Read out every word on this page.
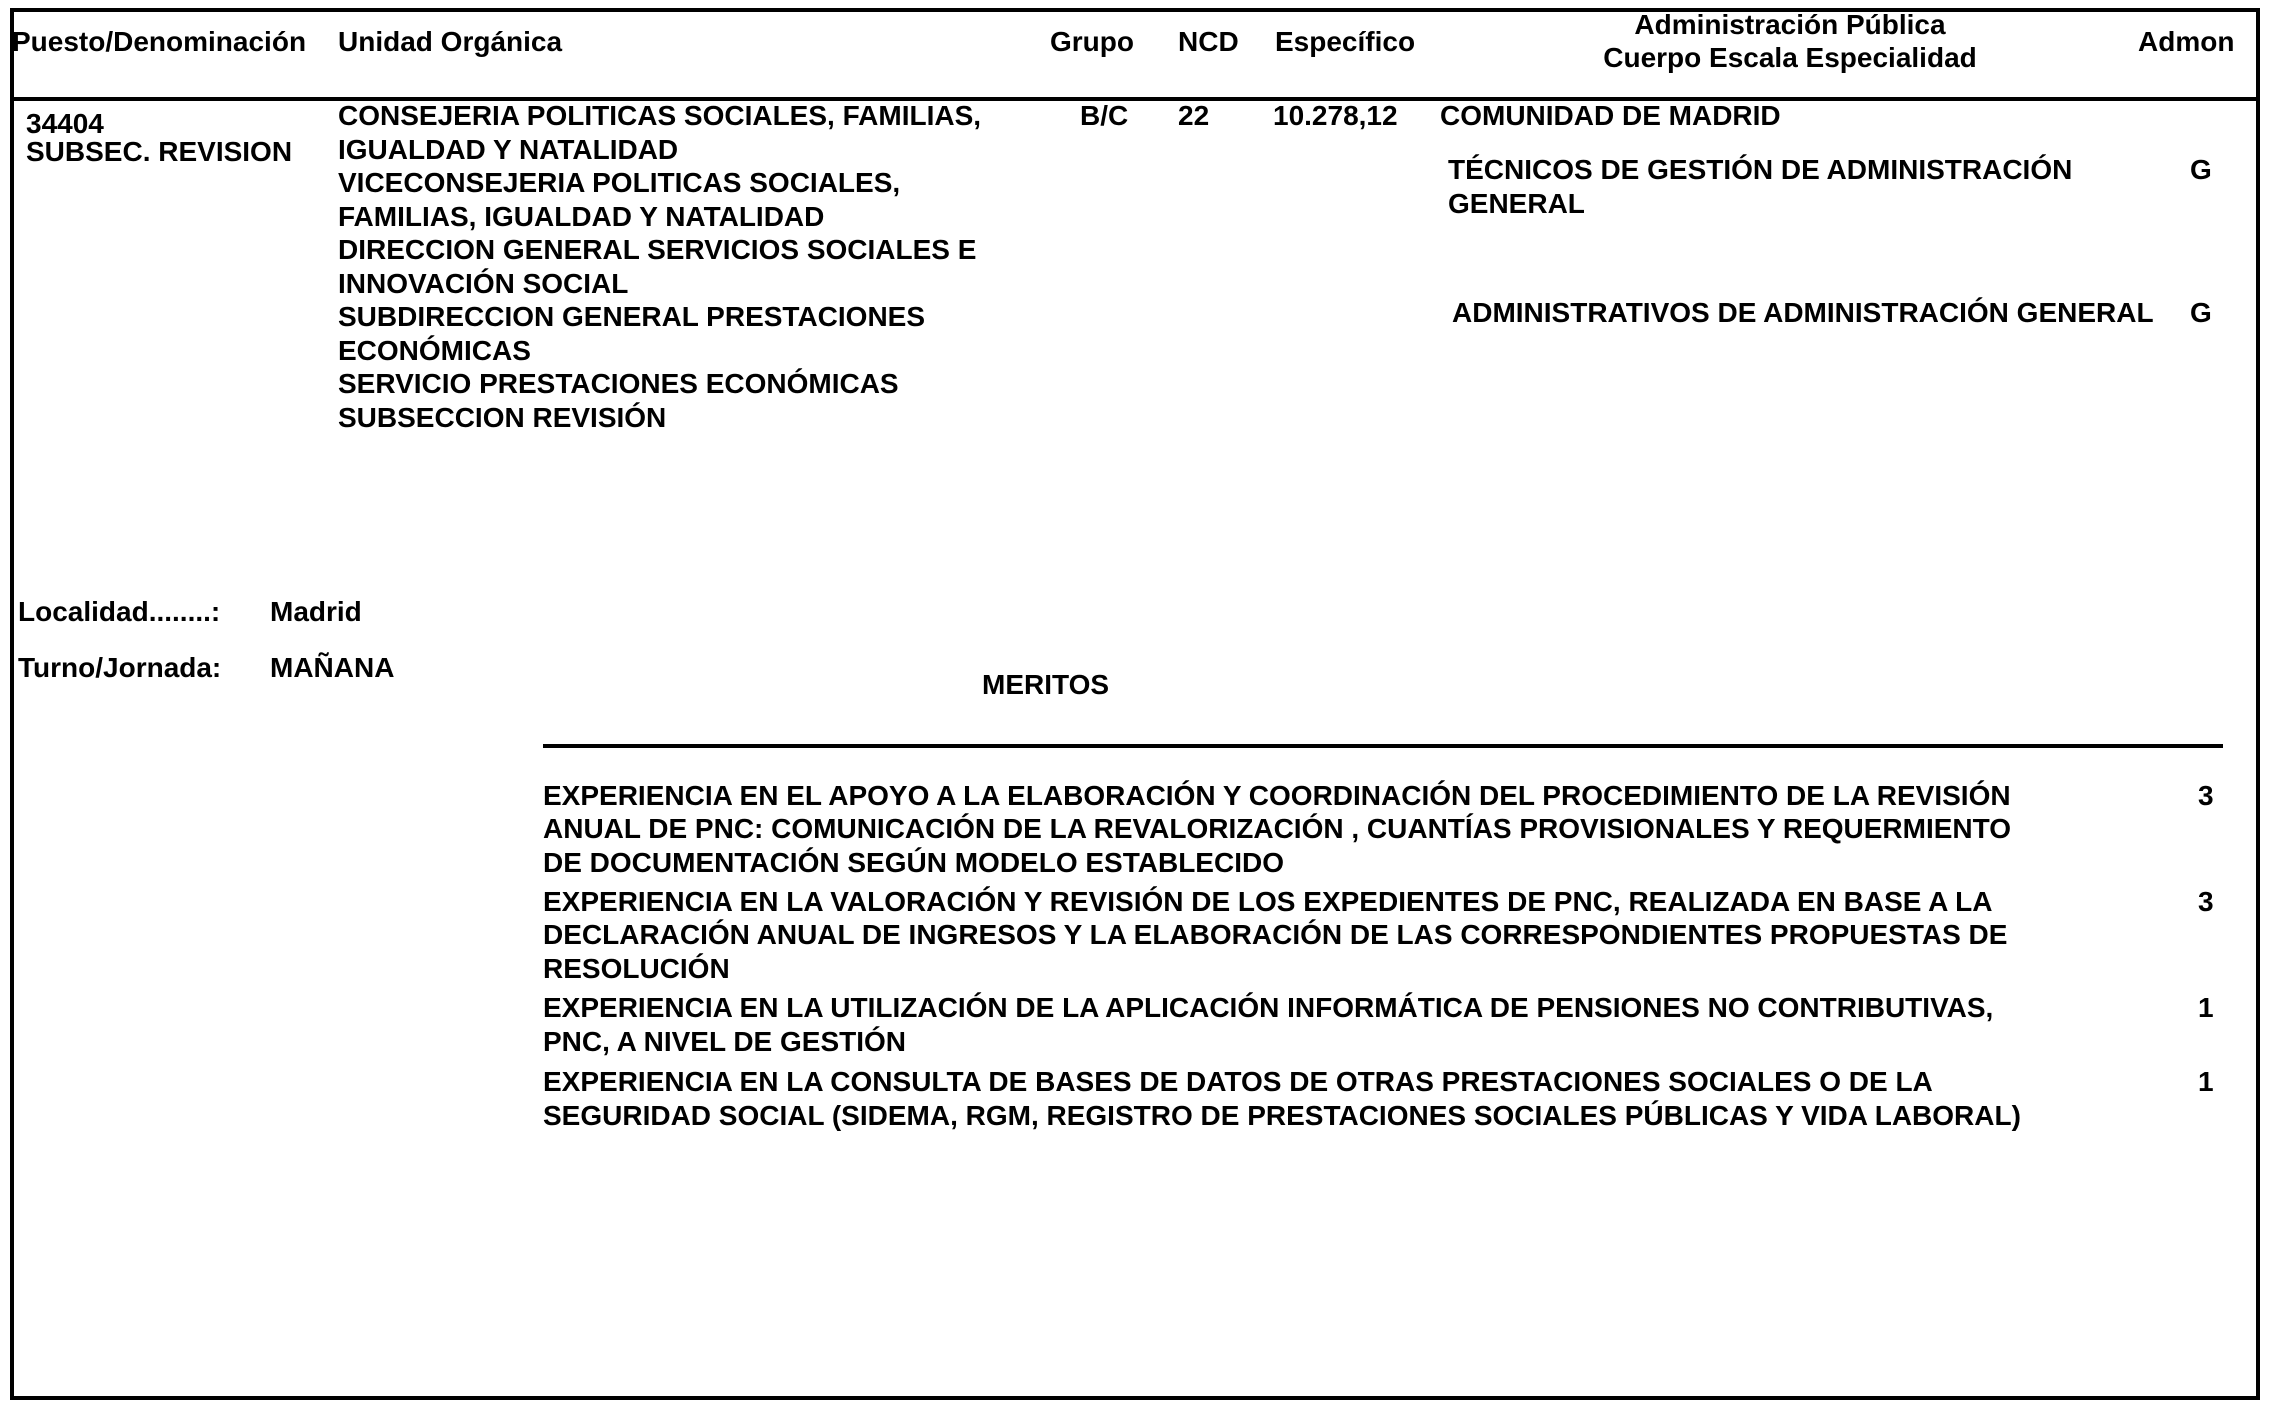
Puesto/Denominación Unidad Orgánica	Grupo NCD Específico
Administración Pública
Cuerpo Escala Especialidad
Admon
34404
SUBSEC. REVISION
CONSEJERIA POLITICAS SOCIALES, FAMILIAS,
IGUALDAD Y NATALIDAD
VICECONSEJERIA POLITICAS SOCIALES,
FAMILIAS, IGUALDAD Y NATALIDAD
DIRECCION GENERAL SERVICIOS SOCIALES E
INNOVACIÓN SOCIAL
SUBDIRECCION GENERAL PRESTACIONES
ECONÓMICAS
SERVICIO PRESTACIONES ECONÓMICAS
SUBSECCION REVISIÓN
B/C 22 10.278,12 COMUNIDAD DE MADRID
TÉCNICOS DE GESTIÓN DE ADMINISTRACIÓN
GENERAL
G
ADMINISTRATIVOS DE ADMINISTRACIÓN GENERAL G
Localidad........: Madrid
Turno/Jornada: MAÑANA
MERITOS
EXPERIENCIA EN EL APOYO A LA ELABORACIÓN Y COORDINACIÓN DEL PROCEDIMIENTO DE LA REVISIÓN
ANUAL DE PNC: COMUNICACIÓN DE LA REVALORIZACIÓN , CUANTÍAS PROVISIONALES Y REQUERMIENTO
DE DOCUMENTACIÓN SEGÚN MODELO ESTABLECIDO
3
EXPERIENCIA EN LA VALORACIÓN Y REVISIÓN DE LOS EXPEDIENTES DE PNC, REALIZADA EN BASE A LA
DECLARACIÓN ANUAL DE INGRESOS Y LA ELABORACIÓN DE LAS CORRESPONDIENTES PROPUESTAS DE
RESOLUCIÓN
3
EXPERIENCIA EN LA UTILIZACIÓN DE LA APLICACIÓN INFORMÁTICA DE PENSIONES NO CONTRIBUTIVAS,
PNC, A NIVEL DE GESTIÓN
1
EXPERIENCIA EN LA CONSULTA DE BASES DE DATOS DE OTRAS PRESTACIONES SOCIALES O DE LA
SEGURIDAD SOCIAL (SIDEMA, RGM, REGISTRO DE PRESTACIONES SOCIALES PÚBLICAS Y VIDA LABORAL)
1
